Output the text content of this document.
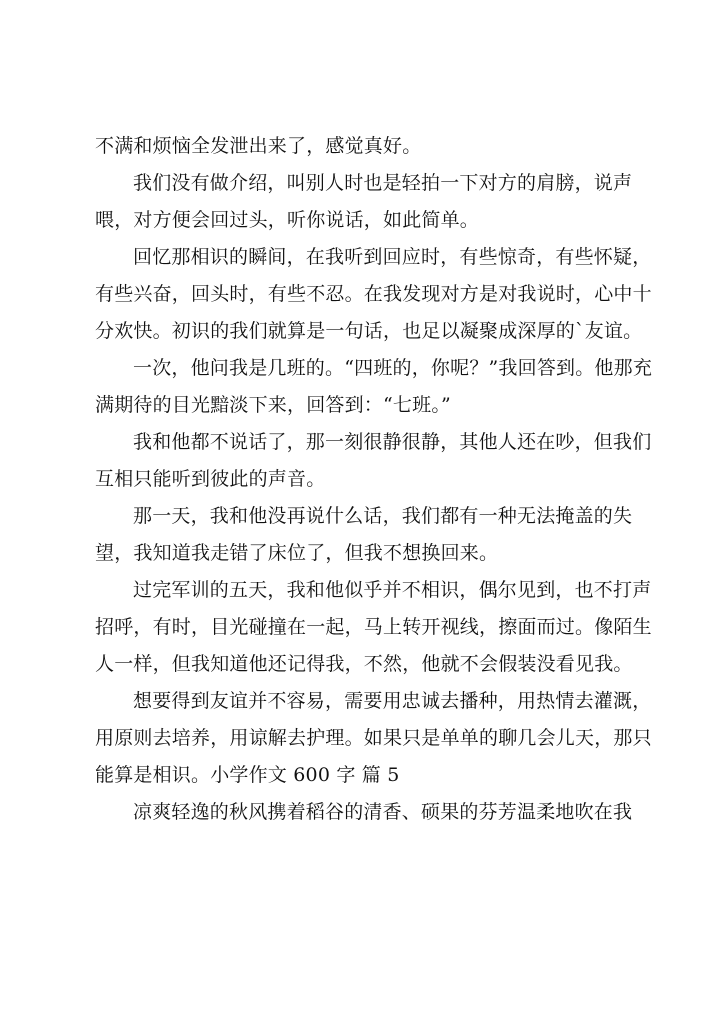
不满和烦恼全发泄出来了，感觉真好。

我们没有做介绍，叫别人时也是轻拍一下对方的肩膀，说声喂，对方便会回过头，听你说话，如此简单。

回忆那相识的瞬间，在我听到回应时，有些惊奇，有些怀疑，有些兴奋，回头时，有些不忍。在我发现对方是对我说时，心中十分欢快。初识的我们就算是一句话，也足以凝聚成深厚的`友谊。

一次，他问我是几班的。“四班的，你呢？”我回答到。他那充满期待的目光黯淡下来，回答到：“七班。”

我和他都不说话了，那一刻很静很静，其他人还在吵，但我们互相只能听到彼此的声音。

那一天，我和他没再说什么话，我们都有一种无法掩盖的失望，我知道我走错了床位了，但我不想换回来。

过完军训的五天，我和他似乎并不相识，偶尔见到，也不打声招呼，有时，目光碰撞在一起，马上转开视线，擦面而过。像陌生人一样，但我知道他还记得我，不然，他就不会假装没看见我。

想要得到友谊并不容易，需要用忠诚去播种，用热情去灌溉，用原则去培养，用谅解去护理。如果只是单单的聊几会儿天，那只能算是相识。小学作文 600 字 篇 5

凉爽轻逸的秋风携着稻谷的清香、硕果的芬芳温柔地吹在我
